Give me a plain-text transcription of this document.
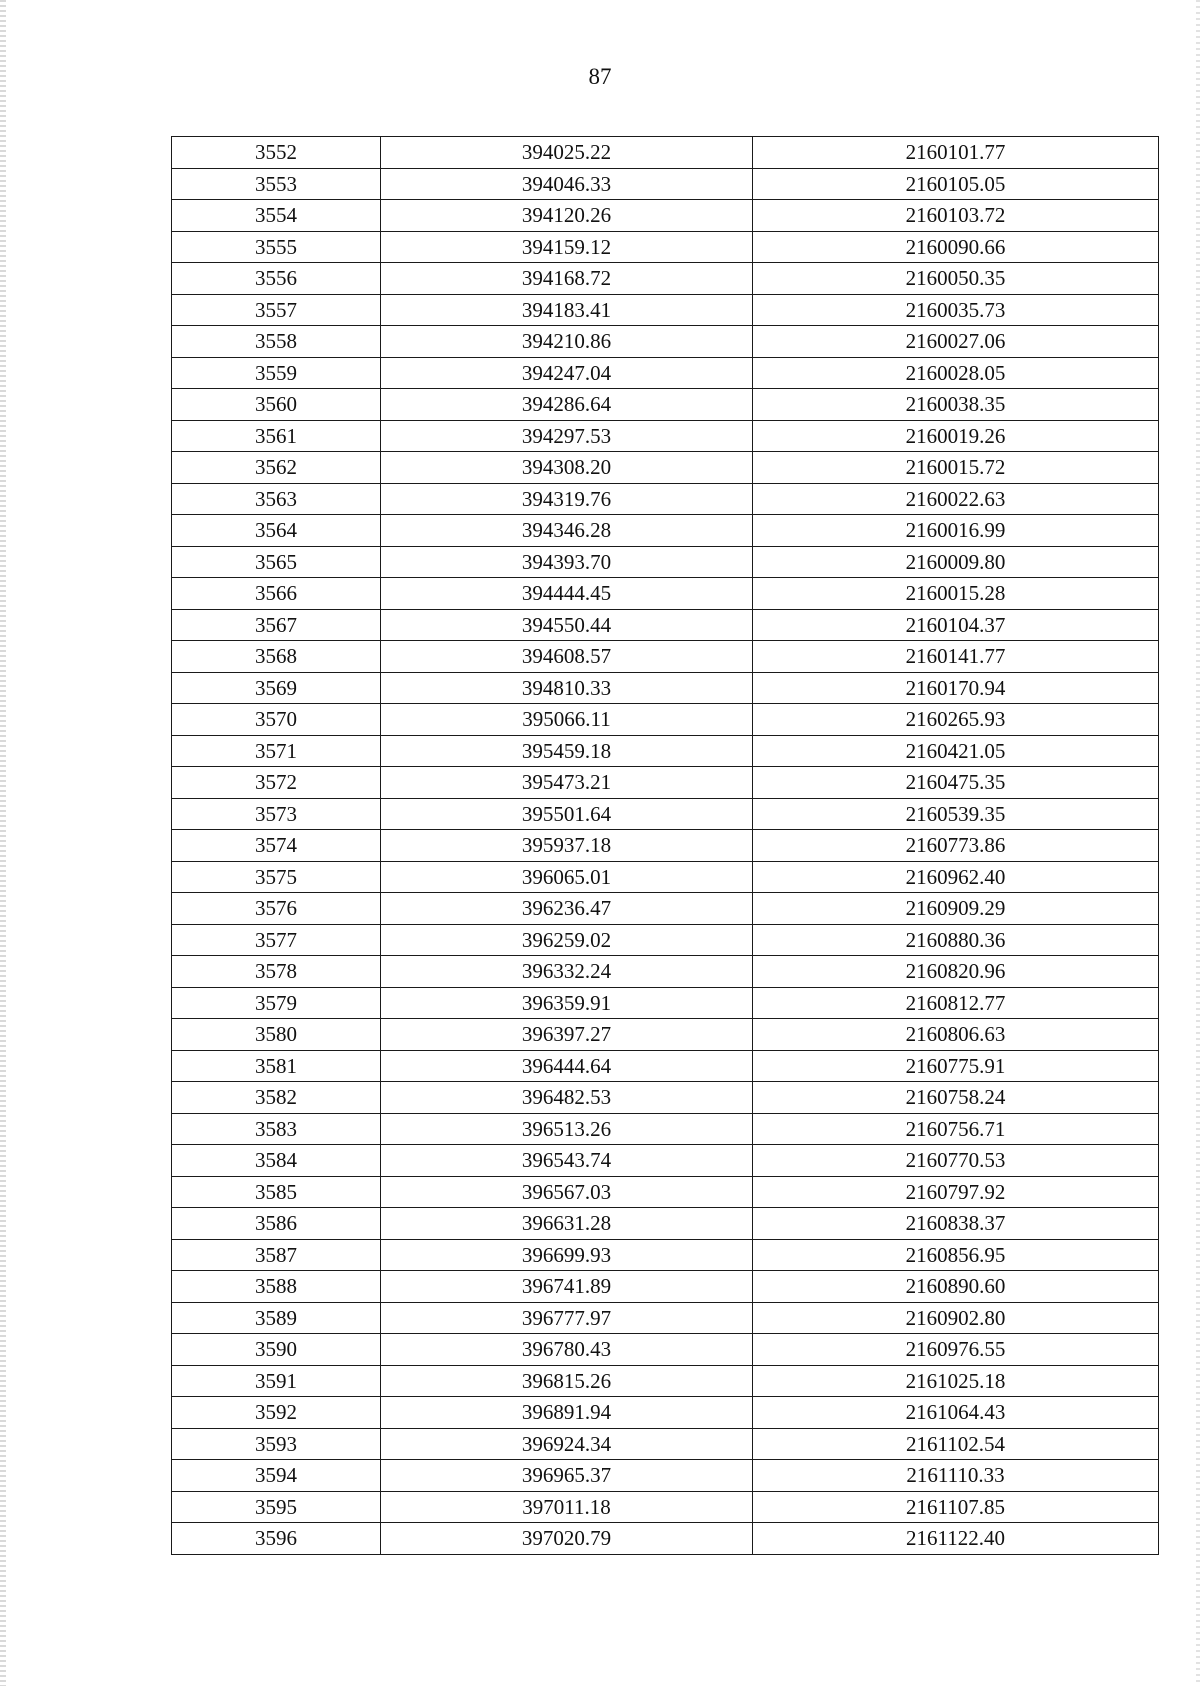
87
3552	394025.22	2160101.77
3553	394046.33	2160105.05
3554	394120.26	2160103.72
3555	394159.12	2160090.66
3556	394168.72	2160050.35
3557	394183.41	2160035.73
3558	394210.86	2160027.06
3559	394247.04	2160028.05
3560	394286.64	2160038.35
3561	394297.53	2160019.26
3562	394308.20	2160015.72
3563	394319.76	2160022.63
3564	394346.28	2160016.99
3565	394393.70	2160009.80
3566	394444.45	2160015.28
3567	394550.44	2160104.37
3568	394608.57	2160141.77
3569	394810.33	2160170.94
3570	395066.11	2160265.93
3571	395459.18	2160421.05
3572	395473.21	2160475.35
3573	395501.64	2160539.35
3574	395937.18	2160773.86
3575	396065.01	2160962.40
3576	396236.47	2160909.29
3577	396259.02	2160880.36
3578	396332.24	2160820.96
3579	396359.91	2160812.77
3580	396397.27	2160806.63
3581	396444.64	2160775.91
3582	396482.53	2160758.24
3583	396513.26	2160756.71
3584	396543.74	2160770.53
3585	396567.03	2160797.92
3586	396631.28	2160838.37
3587	396699.93	2160856.95
3588	396741.89	2160890.60
3589	396777.97	2160902.80
3590	396780.43	2160976.55
3591	396815.26	2161025.18
3592	396891.94	2161064.43
3593	396924.34	2161102.54
3594	396965.37	2161110.33
3595	397011.18	2161107.85
3596	397020.79	2161122.40
